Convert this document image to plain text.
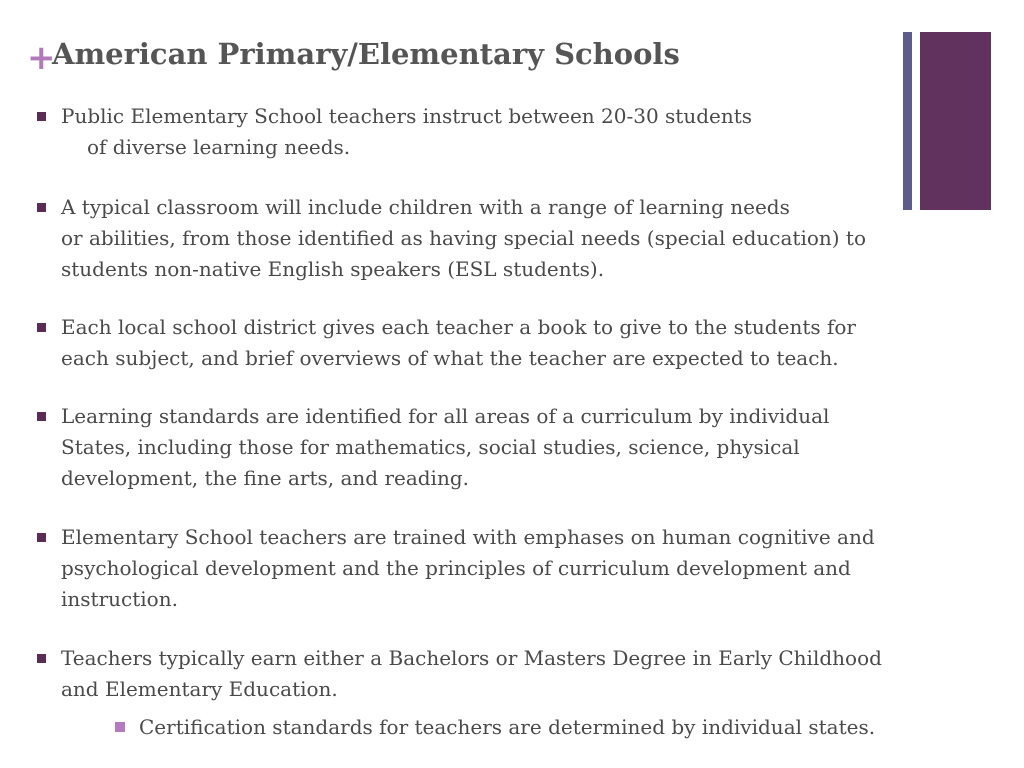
+
American Primary/Elementary Schools

Public Elementary School teachers instruct between 20-30 students
of diverse learning needs.

A typical classroom will include children with a range of learning needs
or abilities, from those identified as having special needs (special education) to
students non-native English speakers (ESL students).

Each local school district gives each teacher a book to give to the students for
each subject, and brief overviews of what the teacher are expected to teach.

Learning standards are identified for all areas of a curriculum by individual
States, including those for mathematics, social studies, science, physical
development, the fine arts, and reading.

Elementary School teachers are trained with emphases on human cognitive and
psychological development and the principles of curriculum development and
instruction.

Teachers typically earn either a Bachelors or Masters Degree in Early Childhood
and Elementary Education.

Certification standards for teachers are determined by individual states.
